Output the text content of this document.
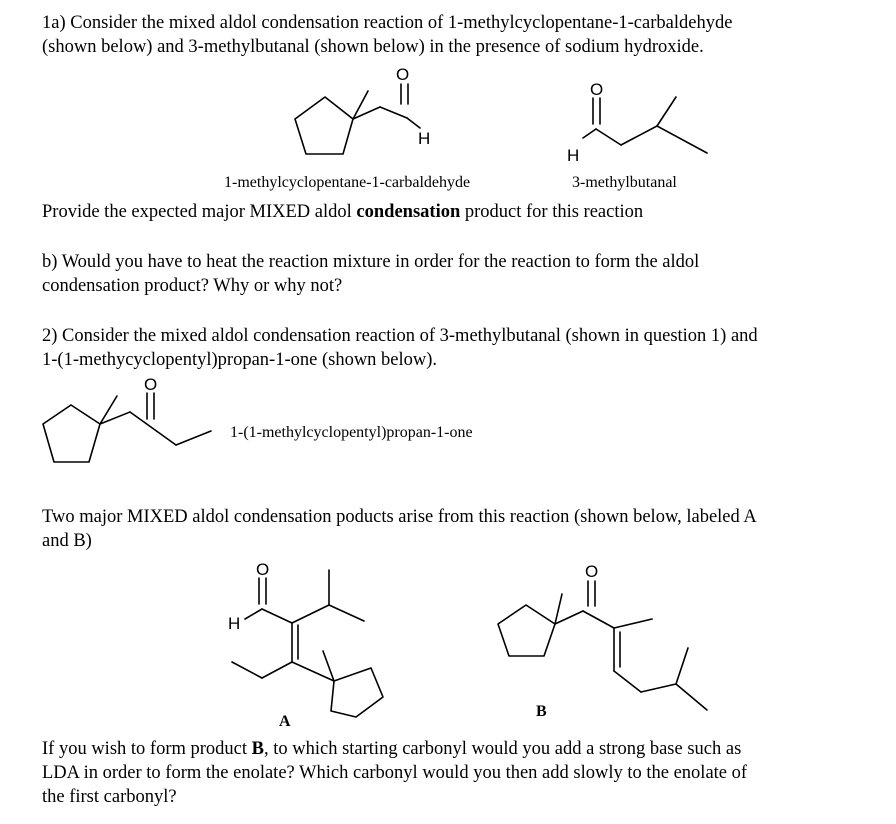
1a) Consider the mixed aldol condensation reaction of 1-methylcyclopentane-1-carbaldehyde
(shown below) and 3-methylbutanal (shown below) in the presence of sodium hydroxide.
O
H
O
H
1-methylcyclopentane-1-carbaldehyde	3-methylbutanal
Provide the expected major MIXED aldol condensation product for this reaction
b) Would you have to heat the reaction mixture in order for the reaction to form the aldol
condensation product? Why or why not?
2) Consider the mixed aldol condensation reaction of 3-methylbutanal (shown in question 1) and
1-(1-methycyclopentyl)propan-1-one (shown below).
O
1-(1-methylcyclopentyl)propan-1-one
Two major MIXED aldol condensation poducts arise from this reaction (shown below, labeled A
and B)
O
H
A
O
B
If you wish to form product B, to which starting carbonyl would you add a strong base such as
LDA in order to form the enolate? Which carbonyl would you then add slowly to the enolate of
the first carbonyl?
